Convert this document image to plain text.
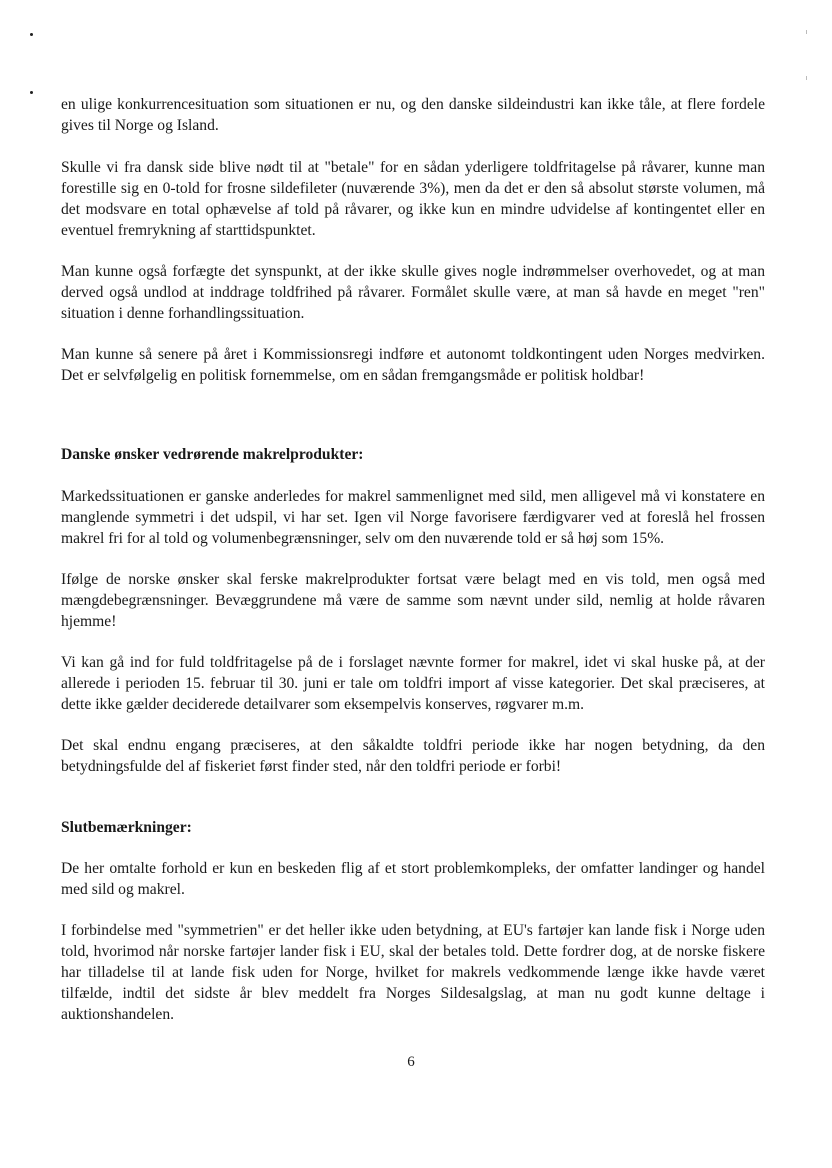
en ulige konkurrencesituation som situationen er nu, og den danske sildeindustri kan ikke tåle, at flere fordele gives til Norge og Island.

Skulle vi fra dansk side blive nødt til at "betale" for en sådan yderligere toldfritagelse på råvarer, kunne man forestille sig en 0-told for frosne sildefileter (nuværende 3%), men da det er den så absolut største volumen, må det modsvare en total ophævelse af told på råvarer, og ikke kun en mindre udvidelse af kontingentet eller en eventuel fremrykning af starttidspunktet.

Man kunne også forfægte det synspunkt, at der ikke skulle gives nogle indrømmelser overhovedet, og at man derved også undlod at inddrage toldfrihed på råvarer. Formålet skulle være, at man så havde en meget "ren" situation i denne forhandlingssituation.

Man kunne så senere på året i Kommissionsregi indføre et autonomt toldkontingent uden Norges medvirken. Det er selvfølgelig en politisk fornemmelse, om en sådan fremgangsmåde er politisk holdbar!

Danske ønsker vedrørende makrelprodukter:

Markedssituationen er ganske anderledes for makrel sammenlignet med sild, men alligevel må vi konstatere en manglende symmetri i det udspil, vi har set. Igen vil Norge favorisere færdigvarer ved at foreslå hel frossen makrel fri for al told og volumenbegrænsninger, selv om den nuværende told er så høj som 15%.

Ifølge de norske ønsker skal ferske makrelprodukter fortsat være belagt med en vis told, men også med mængdebegrænsninger. Bevæggrundene må være de samme som nævnt under sild, nemlig at holde råvaren hjemme!

Vi kan gå ind for fuld toldfritagelse på de i forslaget nævnte former for makrel, idet vi skal huske på, at der allerede i perioden 15. februar til 30. juni er tale om toldfri import af visse kategorier. Det skal præciseres, at dette ikke gælder deciderede detailvarer som eksempelvis konserves, røgvarer m.m.

Det skal endnu engang præciseres, at den såkaldte toldfri periode ikke har nogen betydning, da den betydningsfulde del af fiskeriet først finder sted, når den toldfri periode er forbi!

Slutbemærkninger:

De her omtalte forhold er kun en beskeden flig af et stort problemkompleks, der omfatter landinger og handel med sild og makrel.

I forbindelse med "symmetrien" er det heller ikke uden betydning, at EU's fartøjer kan lande fisk i Norge uden told, hvorimod når norske fartøjer lander fisk i EU, skal der betales told. Dette fordrer dog, at de norske fiskere har tilladelse til at lande fisk uden for Norge, hvilket for makrels vedkommende længe ikke havde været tilfælde, indtil det sidste år blev meddelt fra Norges Sildesalgslag, at man nu godt kunne deltage i auktionshandelen.

6
